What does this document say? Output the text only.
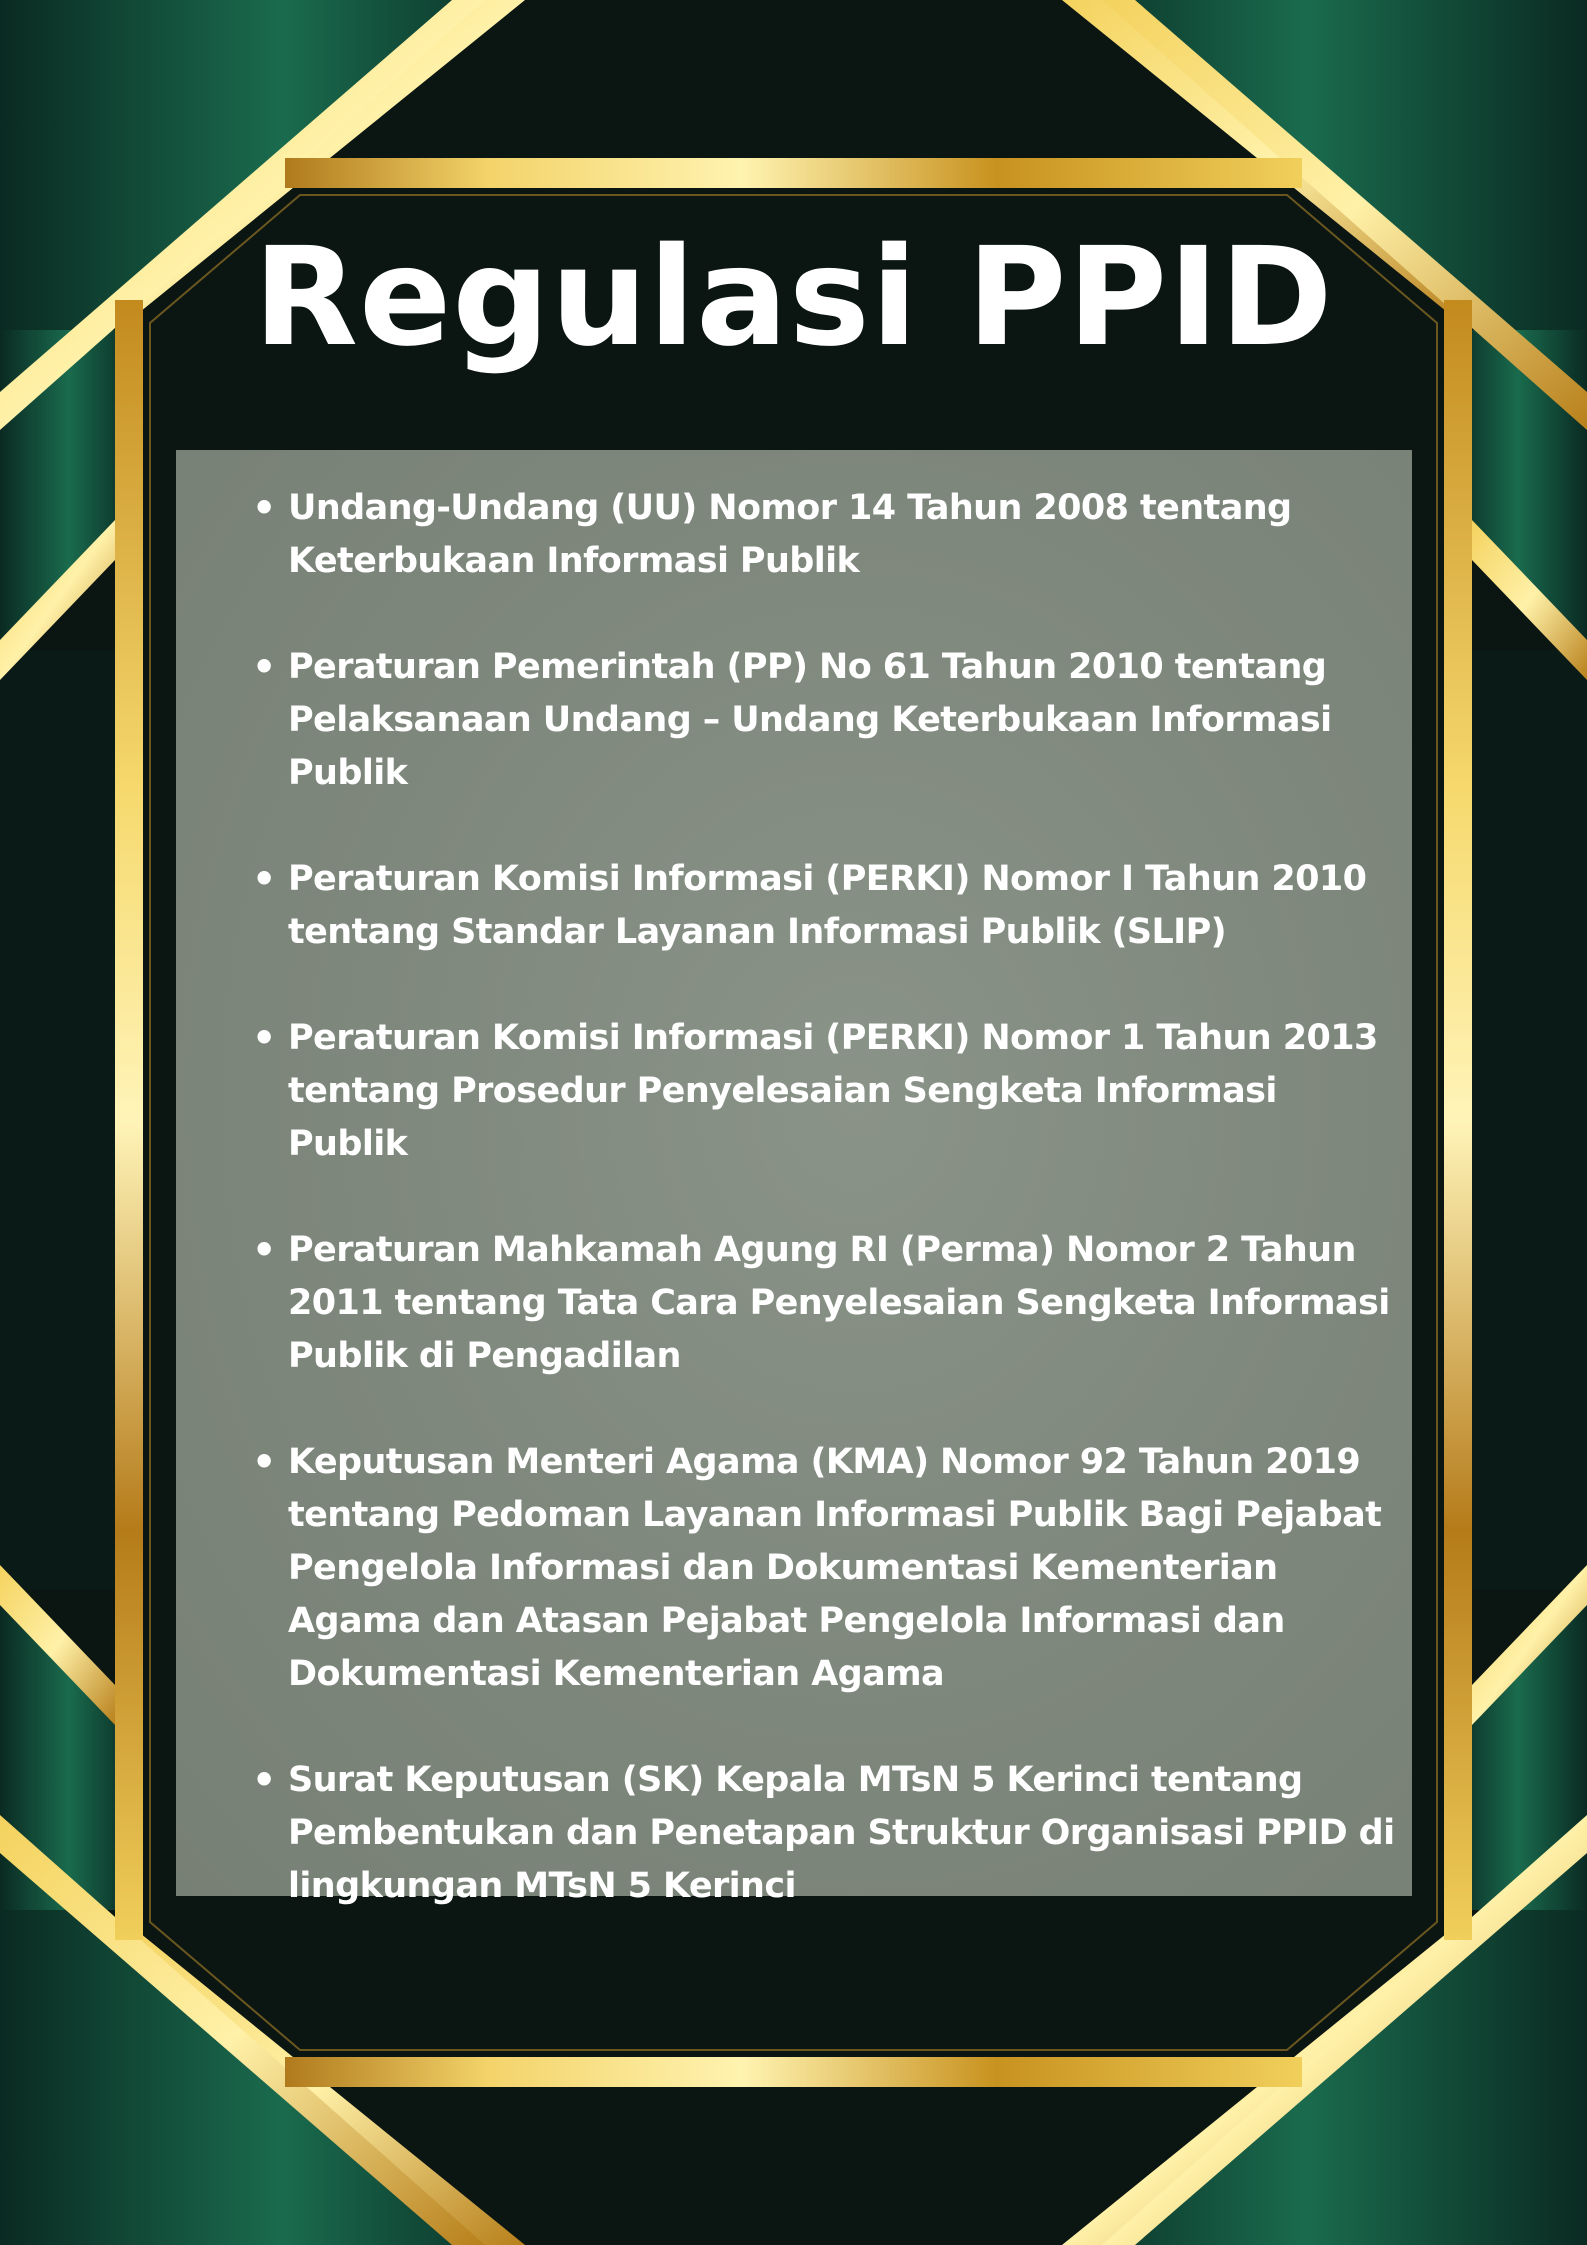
Regulasi PPID
• Undang-Undang (UU) Nomor 14 Tahun 2008 tentang Keterbukaan Informasi Publik
• Peraturan Pemerintah (PP) No 61 Tahun 2010 tentang Pelaksanaan Undang – Undang Keterbukaan Informasi Publik
• Peraturan Komisi Informasi (PERKI) Nomor I Tahun 2010 tentang Standar Layanan Informasi Publik (SLIP)
• Peraturan Komisi Informasi (PERKI) Nomor 1 Tahun 2013 tentang Prosedur Penyelesaian Sengketa Informasi Publik
• Peraturan Mahkamah Agung RI (Perma) Nomor 2 Tahun 2011 tentang Tata Cara Penyelesaian Sengketa Informasi Publik di Pengadilan
• Keputusan Menteri Agama (KMA) Nomor 92 Tahun 2019 tentang Pedoman Layanan Informasi Publik Bagi Pejabat Pengelola Informasi dan Dokumentasi Kementerian Agama dan Atasan Pejabat Pengelola Informasi dan Dokumentasi Kementerian Agama
• Surat Keputusan (SK) Kepala MTsN 5 Kerinci tentang Pembentukan dan Penetapan Struktur Organisasi PPID di lingkungan MTsN 5 Kerinci
